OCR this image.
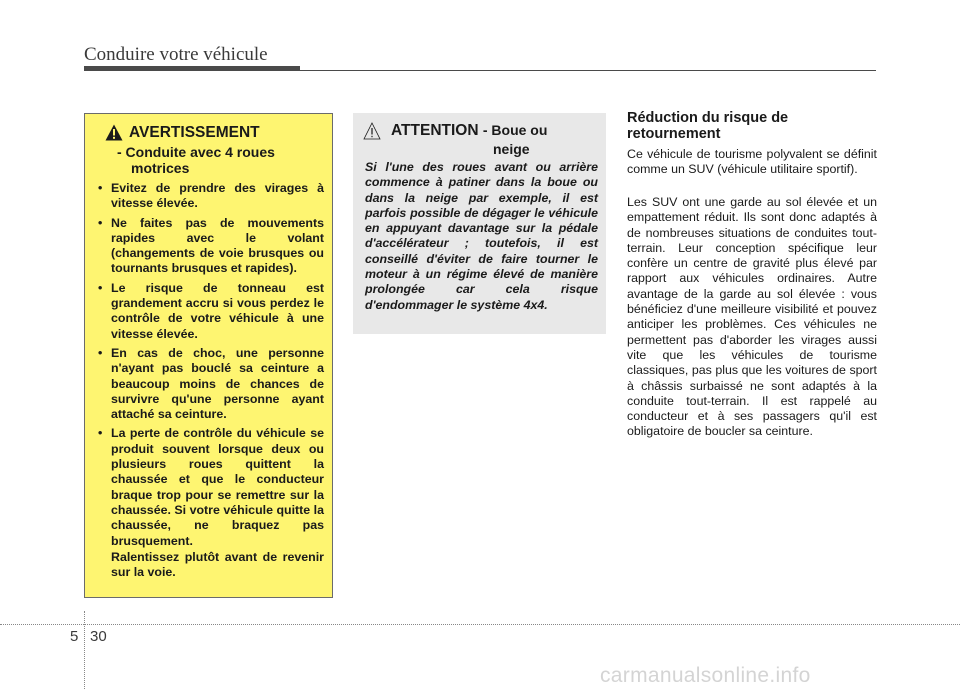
Conduire votre véhicule
AVERTISSEMENT
- Conduite avec 4 roues
motrices
• Evitez de prendre des virages à vitesse élevée.
• Ne faites pas de mouvements rapides avec le volant (changements de voie brusques ou tournants brusques et rapides).
• Le risque de tonneau est grandement accru si vous perdez le contrôle de votre véhicule à une vitesse élevée.
• En cas de choc, une personne n'ayant pas bouclé sa ceinture a beaucoup moins de chances de survivre qu'une personne ayant attaché sa ceinture.
• La perte de contrôle du véhicule se produit souvent lorsque deux ou plusieurs roues quittent la chaussée et que le conducteur braque trop pour se remettre sur la chaussée. Si votre véhicule quitte la chaussée, ne braquez pas brusquement.
Ralentissez plutôt avant de revenir sur la voie.
ATTENTION - Boue ou
neige

Si l'une des roues avant ou arrière commence à patiner dans la boue ou dans la neige par exemple, il est parfois possible de dégager le véhicule en appuyant davantage sur la pédale d'accélérateur ; toutefois, il est conseillé d'éviter de faire tourner le moteur à un régime élevé de manière prolongée car cela risque d'endommager le système 4x4.

Réduction du risque de retournement

Ce véhicule de tourisme polyvalent se définit comme un SUV (véhicule utilitaire sportif).

Les SUV ont une garde au sol élevée et un empattement réduit. Ils sont donc adaptés à de nombreuses situations de conduites tout-terrain. Leur conception spécifique leur confère un centre de gravité plus élevé par rapport aux véhicules ordinaires. Autre avantage de la garde au sol élevée : vous bénéficiez d'une meilleure visibilité et pouvez anticiper les problèmes. Ces véhicules ne permettent pas d'aborder les virages aussi vite que les véhicules de tourisme classiques, pas plus que les voitures de sport à châssis surbaissé ne sont adaptés à la conduite tout-terrain. Il est rappelé au conducteur et à ses passagers qu'il est obligatoire de boucler sa ceinture.

5 30
carmanualsonline.info
